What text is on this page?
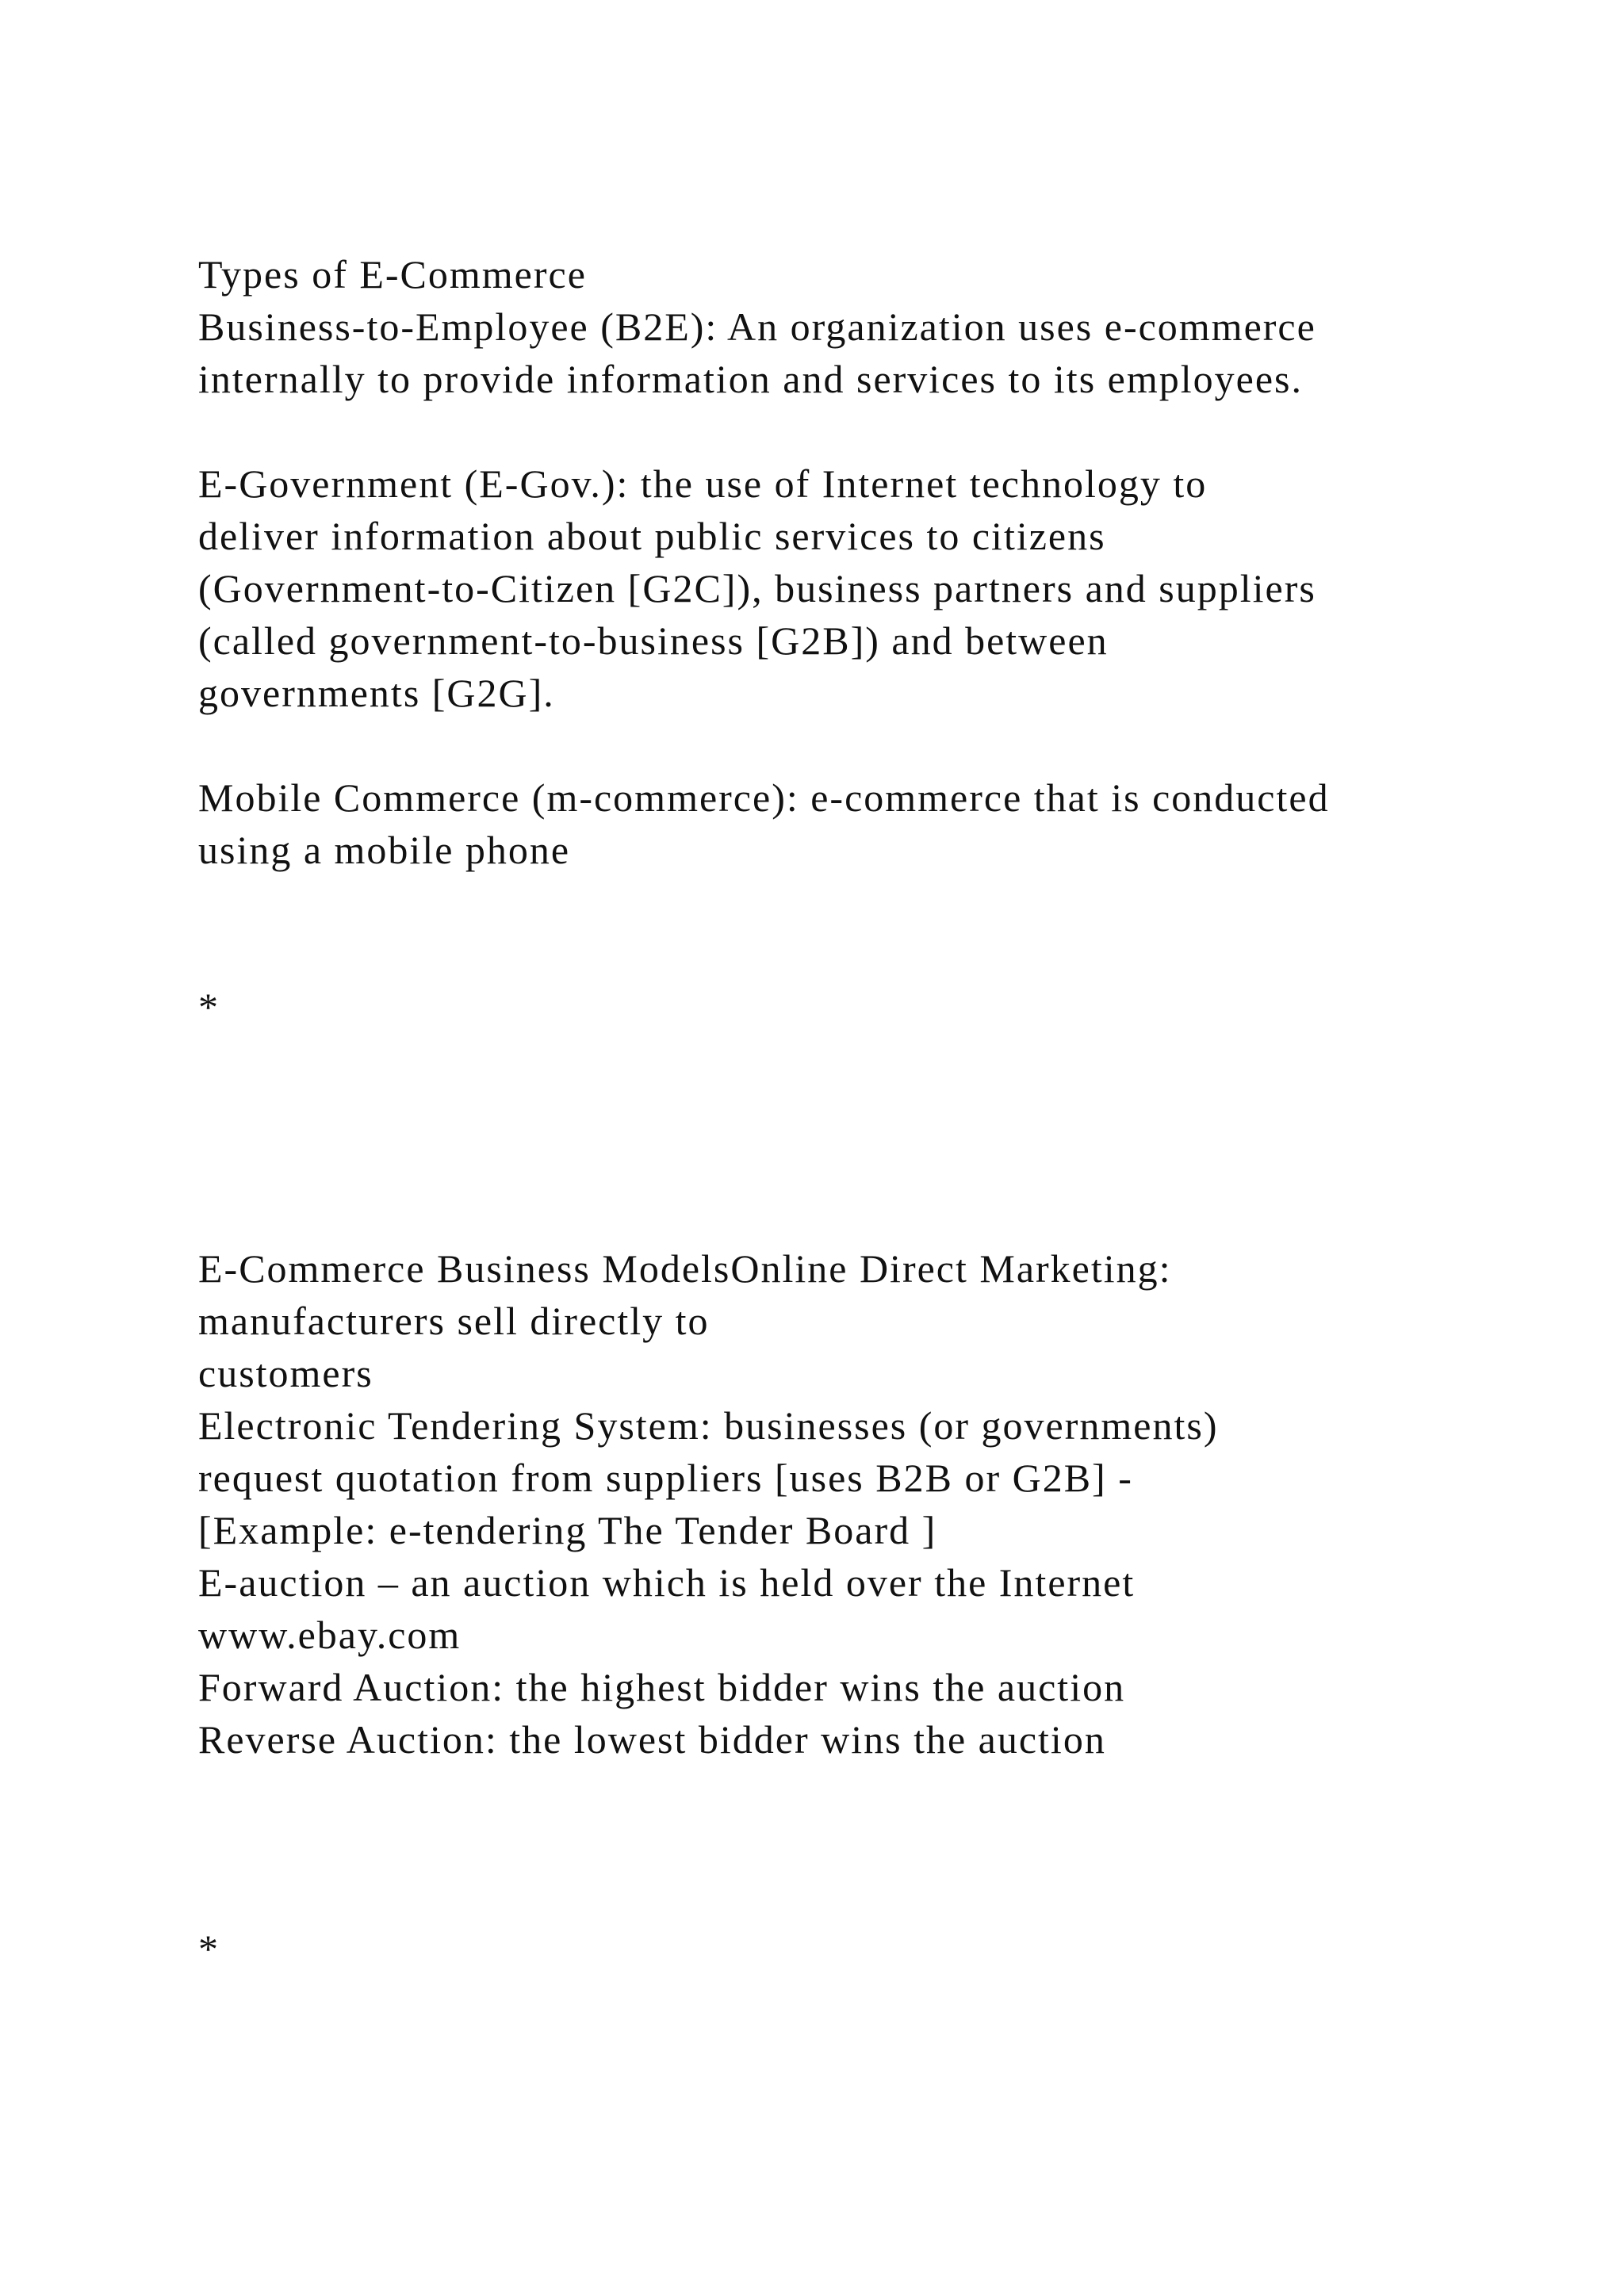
Types of E-Commerce
Business-to-Employee (B2E): An organization uses e-commerce
internally to provide information and services to its employees.
E-Government (E-Gov.): the use of Internet technology to
deliver information about public services to citizens
(Government-to-Citizen [G2C]), business partners and suppliers
(called government-to-business [G2B]) and between
governments [G2G].
Mobile Commerce (m-commerce): e-commerce that is conducted
using a mobile phone
*
E-Commerce Business ModelsOnline Direct Marketing:
manufacturers sell directly to
customers
Electronic Tendering System: businesses (or governments)
request quotation from suppliers [uses B2B or G2B] -
[Example: e-tendering The Tender Board ]
E-auction – an auction which is held over the Internet
www.ebay.com
Forward Auction: the highest bidder wins the auction
Reverse Auction: the lowest bidder wins the auction
*
